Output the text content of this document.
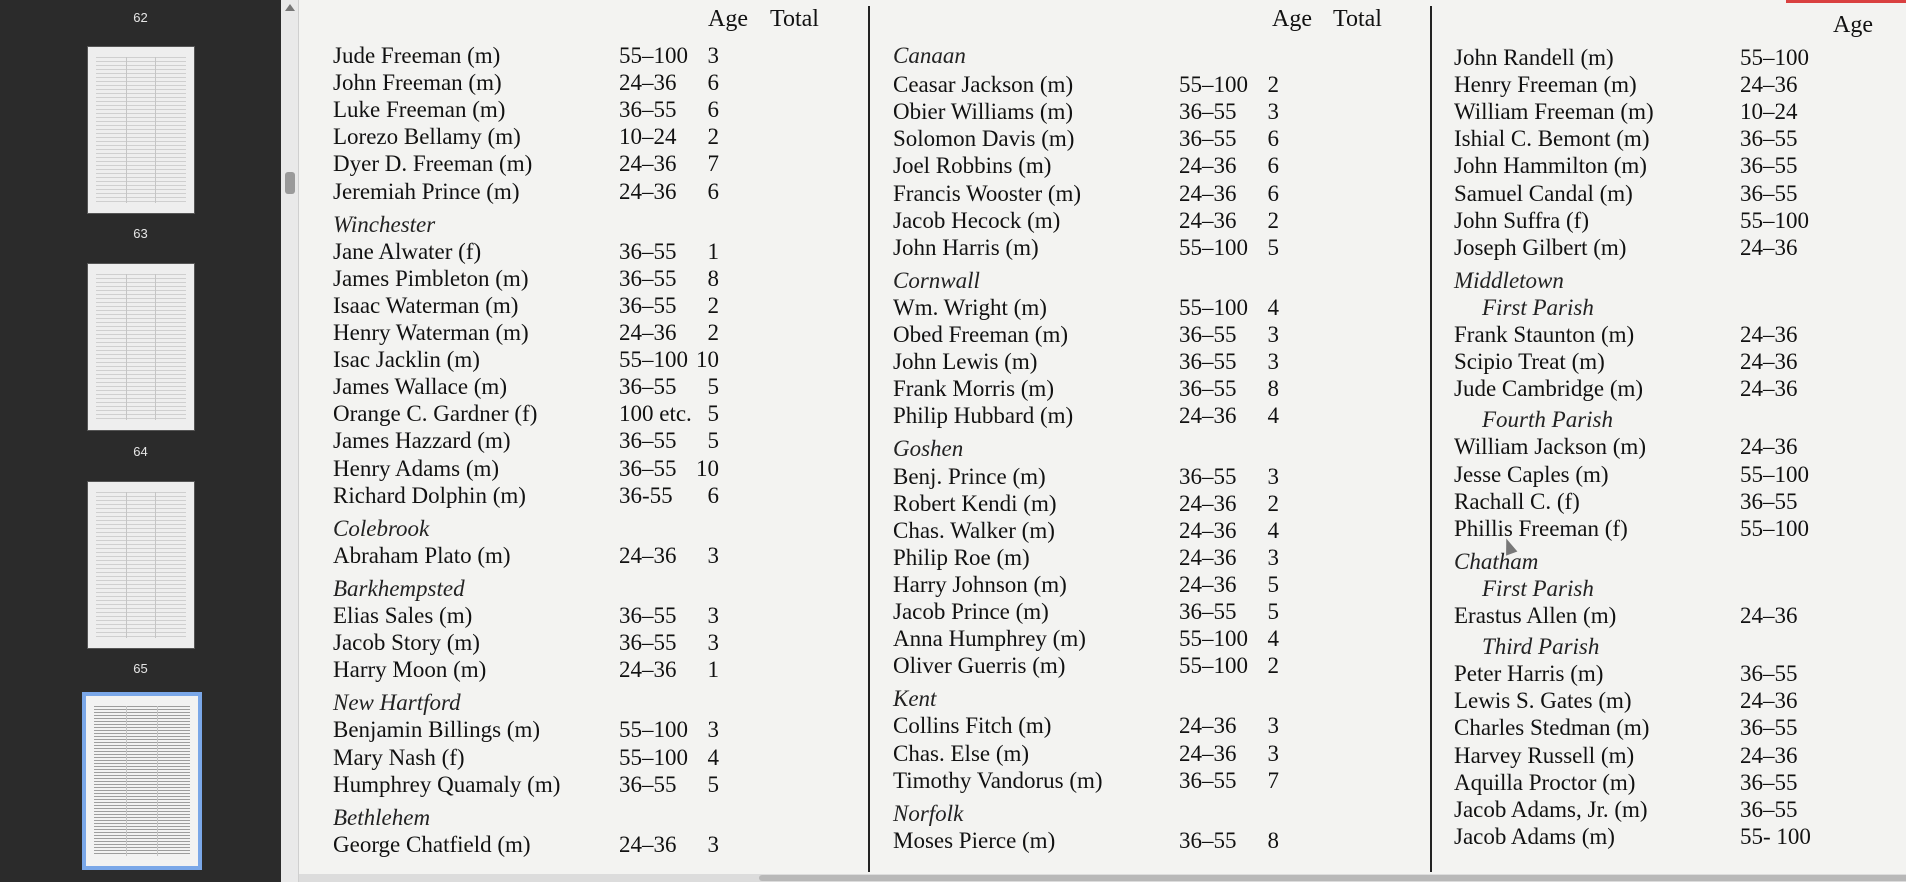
62
63
64
65
Age Total	Age Total	Age
Jude Freeman (m)	55–100 3
John Freeman (m)	24–36	6
Luke Freeman (m)	36–55	6
Lorezo Bellamy (m)	10–24	2
Dyer D. Freeman (m)	24–36	7
Jeremiah Prince (m)	24–36	6
Winchester
Jane Alwater (f)	36–55	1
James Pimbleton (m)	36–55	8
Isaac Waterman (m)	36–55	2
Henry Waterman (m)	24–36	2
Isac Jacklin (m)	55–100 10
James Wallace (m)	36–55	5
Orange C. Gardner (f)	100 etc. 5
James Hazzard (m)	36–55	5
Henry Adams (m)	36–55 10
Richard Dolphin (m)	36-55	6
Colebrook
Abraham Plato (m)	24–36	3
Barkhempsted
Elias Sales (m)	36–55	3
Jacob Story (m)	36–55	3
Harry Moon (m)	24–36	1
New Hartford
Benjamin Billings (m)	55–100 3
Mary Nash (f)	55–100 4
Humphrey Quamaly (m)	36–55	5
Bethlehem
George Chatfield (m)	24–36	3
Canaan
Ceasar Jackson (m)	55–100 2
Obier Williams (m)	36–55	3
Solomon Davis (m)	36–55	6
Joel Robbins (m)	24–36	6
Francis Wooster (m)	24–36	6
Jacob Hecock (m)	24–36	2
John Harris (m)	55–100 5
Cornwall
Wm. Wright (m)	55–100 4
Obed Freeman (m)	36–55	3
John Lewis (m)	36–55	3
Frank Morris (m)	36–55	8
Philip Hubbard (m)	24–36	4
Goshen
Benj. Prince (m)	36–55	3
Robert Kendi (m)	24–36	2
Chas. Walker (m)	24–36	4
Philip Roe (m)	24–36	3
Harry Johnson (m)	24–36	5
Jacob Prince (m)	36–55	5
Anna Humphrey (m)	55–100 4
Oliver Guerris (m)	55–100 2
Kent
Collins Fitch (m)	24–36	3
Chas. Else (m)	24–36	3
Timothy Vandorus (m)	36–55	7
Norfolk
Moses Pierce (m)	36–55	8
John Randell (m)	55–100
Henry Freeman (m)	24–36
William Freeman (m)	10–24
Ishial C. Bemont (m)	36–55
John Hammilton (m)	36–55
Samuel Candal (m)	36–55
John Suffra (f)	55–100
Joseph Gilbert (m)	24–36
Middletown
First Parish
Frank Staunton (m)	24–36
Scipio Treat (m)	24–36
Jude Cambridge (m)	24–36
Fourth Parish
William Jackson (m)	24–36
Jesse Caples (m)	55–100
Rachall C. (f)	36–55
Phillis Freeman (f)	55–100
Chatham
First Parish
Erastus Allen (m)	24–36
Third Parish
Peter Harris (m)	36–55
Lewis S. Gates (m)	24–36
Charles Stedman (m)	36–55
Harvey Russell (m)	24–36
Aquilla Proctor (m)	36–55
Jacob Adams, Jr. (m)	36–55
Jacob Adams (m)	55- 100
